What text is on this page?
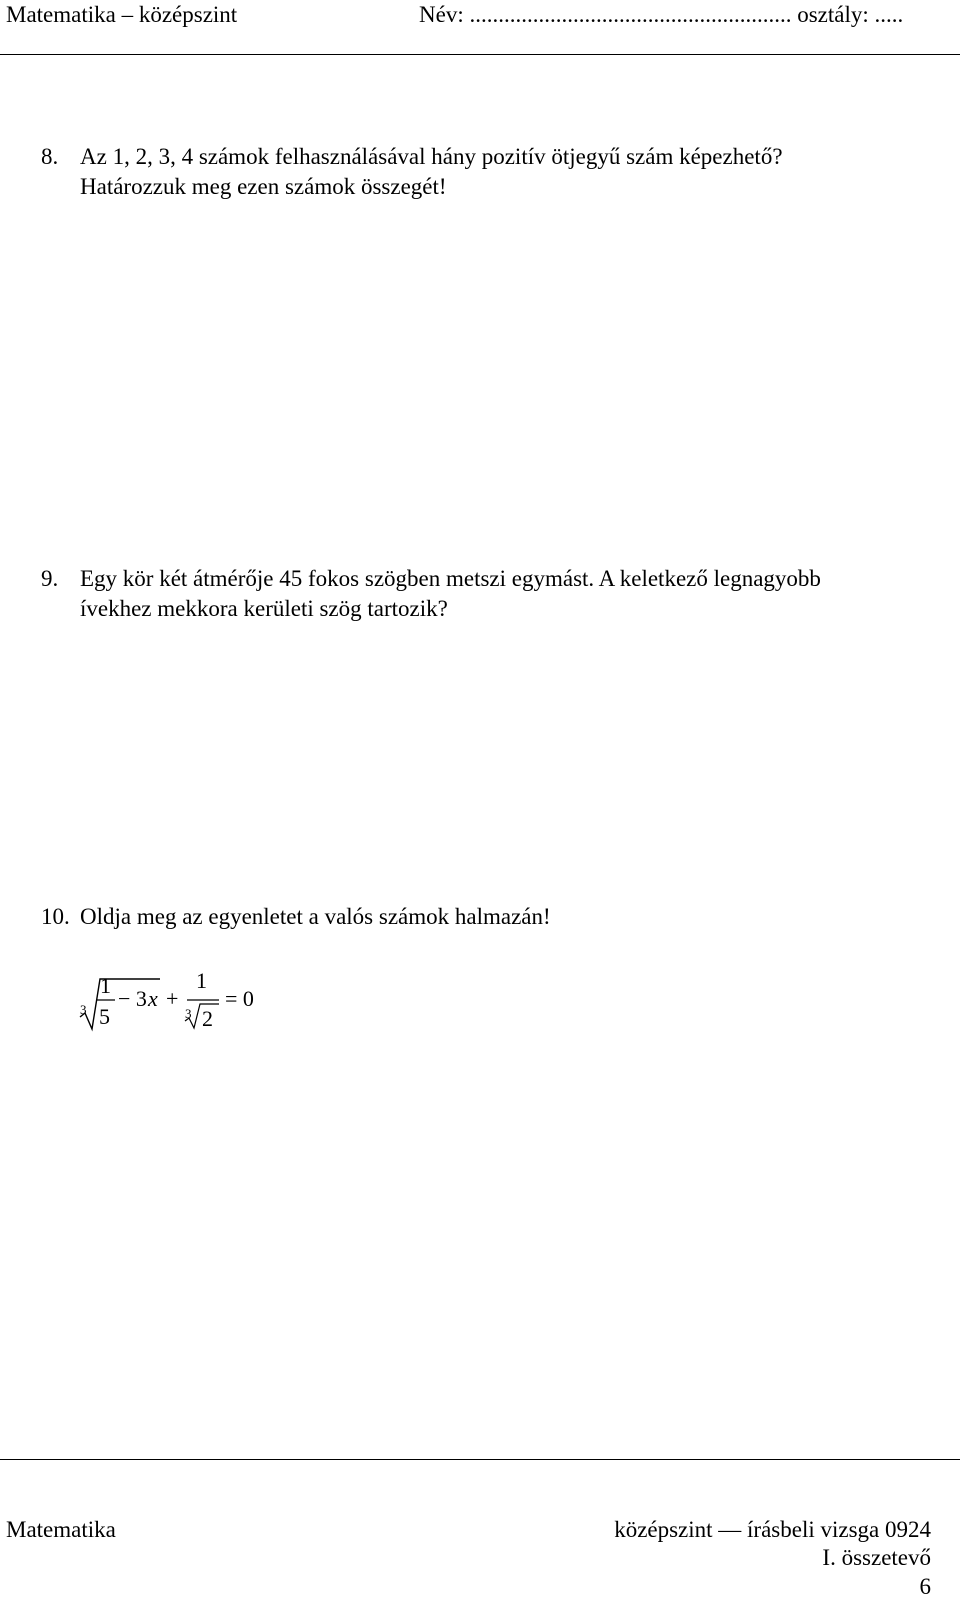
Matematika – középszint	Név: ........................................................ osztály: .....
8. Az 1, 2, 3, 4 számok felhasználásával hány pozitív ötjegyű szám képezhető?
Határozzuk meg ezen számok összegét!
9. Egy kör két átmérője 45 fokos szögben metszi egymást. A keletkező legnagyobb
ívekhez mekkora kerületi szög tartozik?
10. Oldja meg az egyenletet a valós számok halmazán!
3
1
5
− 3 x +
1
3 2
= 0
Matematika	középszint — írásbeli vizsga 0924
I. összetevő
6
